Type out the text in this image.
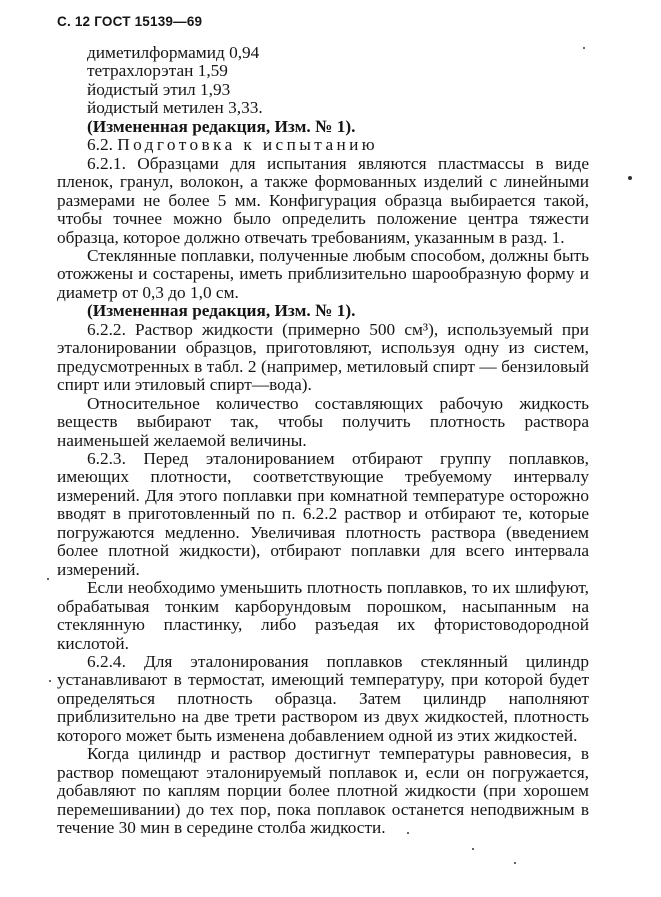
С. 12 ГОСТ 15139—69

диметилформамид 0,94

тетрахлорэтан 1,59

йодистый этил 1,93

йодистый метилен 3,33.

(Измененная редакция, Изм. № 1).

6.2. Подготовка к испытанию

6.2.1. Образцами для испытания являются пластмассы в виде пленок, гранул, волокон, а также формованных изделий с линейными размерами не более 5 мм. Конфигурация образца выбирается такой, чтобы точнее можно было определить положение центра тяжести образца, которое должно отвечать требованиям, указанным в разд. 1.

Стеклянные поплавки, полученные любым способом, должны быть отожжены и состарены, иметь приблизительно шарообразную форму и диаметр от 0,3 до 1,0 см.

(Измененная редакция, Изм. № 1).

6.2.2. Раствор жидкости (примерно 500 см³), используемый при эталонировании образцов, приготовляют, используя одну из систем, предусмотренных в табл. 2 (например, метиловый спирт — бензиловый спирт или этиловый спирт—вода).

Относительное количество составляющих рабочую жидкость веществ выбирают так, чтобы получить плотность раствора наименьшей желаемой величины.

6.2.3. Перед эталонированием отбирают группу поплавков, имеющих плотности, соответствующие требуемому интервалу измерений. Для этого поплавки при комнатной температуре осторожно вводят в приготовленный по п. 6.2.2 раствор и отбирают те, которые погружаются медленно. Увеличивая плотность раствора (введением более плотной жидкости), отбирают поплавки для всего интервала измерений.

Если необходимо уменьшить плотность поплавков, то их шлифуют, обрабатывая тонким карборундовым порошком, насыпанным на стеклянную пластинку, либо разъедая их фтористоводородной кислотой.

6.2.4. Для эталонирования поплавков стеклянный цилиндр устанавливают в термостат, имеющий температуру, при которой будет определяться плотность образца. Затем цилиндр наполняют приблизительно на две трети раствором из двух жидкостей, плотность которого может быть изменена добавлением одной из этих жидкостей.

Когда цилиндр и раствор достигнут температуры равновесия, в раствор помещают эталонируемый поплавок и, если он погружается, добавляют по каплям порции более плотной жидкости (при хорошем перемешивании) до тех пор, пока поплавок останется неподвижным в течение 30 мин в середине столба жидкости.
